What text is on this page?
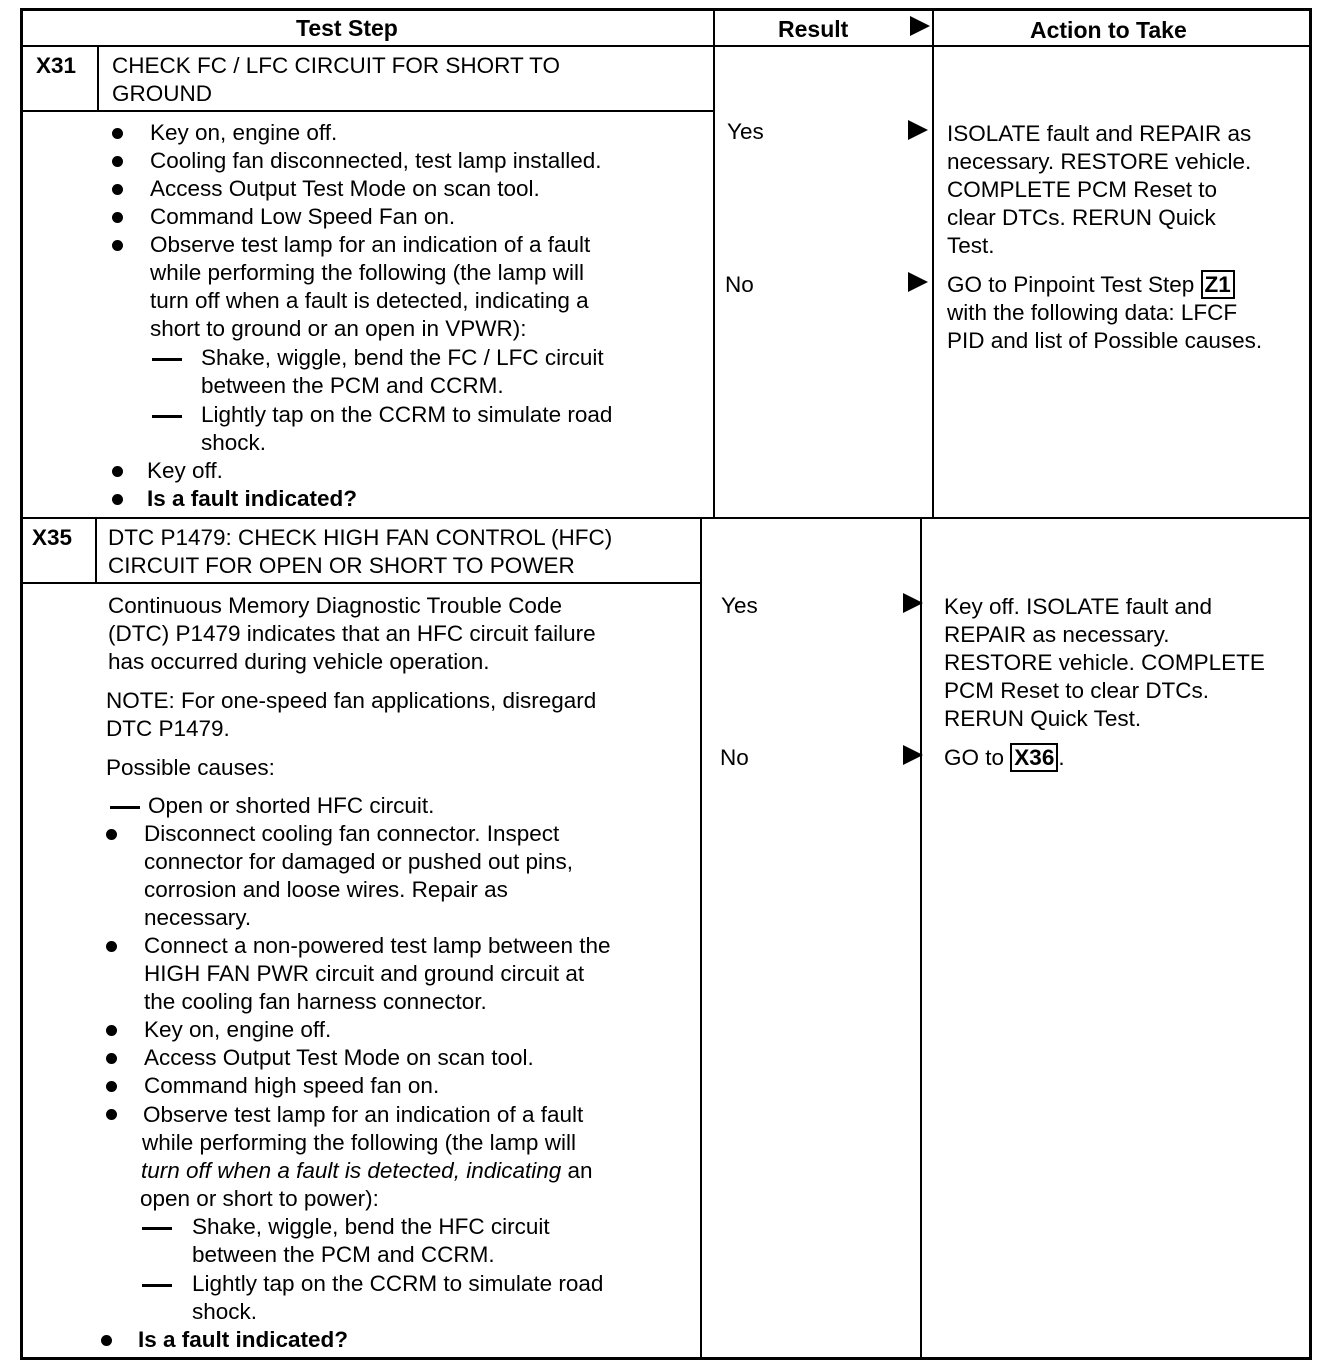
Test Step	Result	Action to Take
X31 CHECK FC / LFC CIRCUIT FOR SHORT TO
GROUND
Key on, engine off.
Cooling fan disconnected, test lamp installed.
Access Output Test Mode on scan tool.
Command Low Speed Fan on.
Observe test lamp for an indication of a fault
while performing the following (the lamp will
turn off when a fault is detected, indicating a
short to ground or an open in VPWR):
Shake, wiggle, bend the FC / LFC circuit
between the PCM and CCRM.
Lightly tap on the CCRM to simulate road
shock.
Key off.
Is a fault indicated?
Yes	ISOLATE fault and REPAIR as
necessary. RESTORE vehicle.
COMPLETE PCM Reset to
clear DTCs. RERUN Quick
Test.
No	GO to Pinpoint Test Step Z1
with the following data: LFCF
PID and list of Possible causes.
X35 DTC P1479: CHECK HIGH FAN CONTROL (HFC)
CIRCUIT FOR OPEN OR SHORT TO POWER
Continuous Memory Diagnostic Trouble Code
(DTC) P1479 indicates that an HFC circuit failure
has occurred during vehicle operation.
NOTE: For one-speed fan applications, disregard
DTC P1479.
Possible causes:
Open or shorted HFC circuit.
Disconnect cooling fan connector. Inspect
connector for damaged or pushed out pins,
corrosion and loose wires. Repair as
necessary.
Connect a non-powered test lamp between the
HIGH FAN PWR circuit and ground circuit at
the cooling fan harness connector.
Key on, engine off.
Access Output Test Mode on scan tool.
Command high speed fan on.
Observe test lamp for an indication of a fault
while performing the following (the lamp will
turn off when a fault is detected, indicating an
open or short to power):
Shake, wiggle, bend the HFC circuit
between the PCM and CCRM.
Lightly tap on the CCRM to simulate road
shock.
Is a fault indicated?
Yes	Key off. ISOLATE fault and
REPAIR as necessary.
RESTORE vehicle. COMPLETE
PCM Reset to clear DTCs.
RERUN Quick Test.
No	GO to X36 .
